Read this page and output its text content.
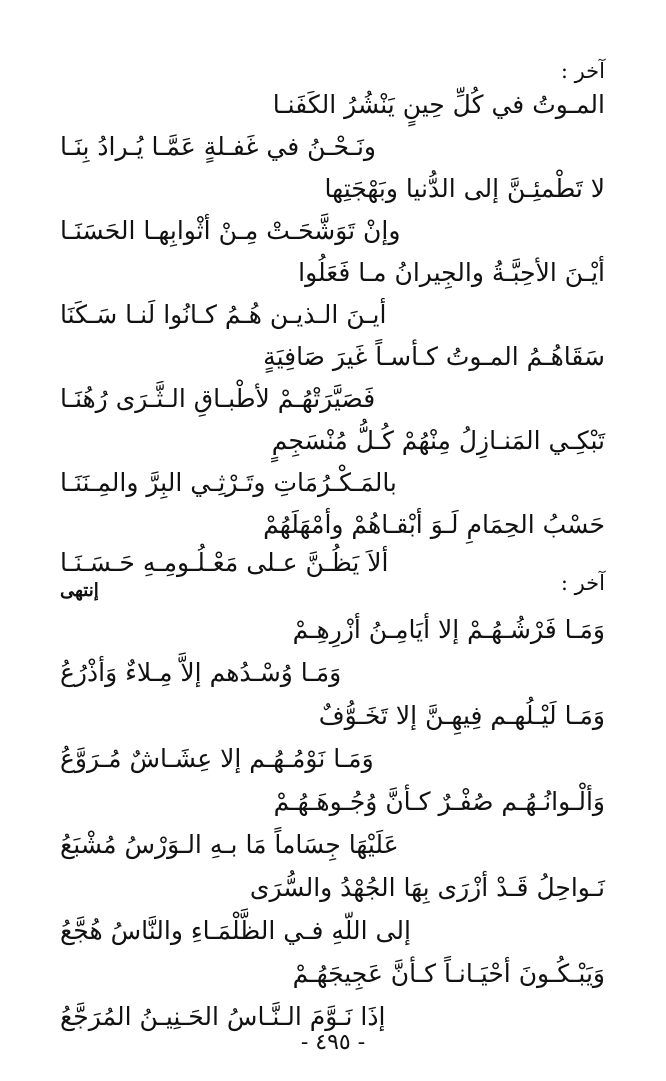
آخر :
المـوتُ في كُلِّ حِينٍ يَنْشُرُ الكَفَنـا
ونَـحْـنُ في غَفـلةٍ عَمَّـا يُـرادُ بِنَـا
لا تَطْمئِـنَّ إلى الدُّنيا وبَهْجَتِها
وإنْ تَوَشَّحَـتْ مِـنْ أثْوابِهـا الحَسَنَـا
أيْـنَ الأحِبَّـةُ والجِيرانُ مـا فَعَلُوا
أيـنَ الـذيـن هُـمُ كـانُوا لَنـا سَـكَنَا
سَقَاهُـمُ المـوتُ كـأسـاً غَيرَ صَافِيَةٍ
فَصَيَّرَتْهُـمْ لأطْبـاقِ الـثَّـرَى رُهُنَـا
تَبْكِـي المَنـازِلُ مِنْهُمْ كُـلُّ مُنْسَجِمٍ
بالمَـكْـرُمَاتِ وتَـرْثِـي البِرَّ والمِـنَنَـا
حَسْبُ الحِمَامِ لَـوَ أبْقـاهُمْ وأمْهَلَهُمْ
ألاَ يَظُـنَّ عـلى مَعْـلُـومِـهِ حَـسَـنَـا
آخر :
إنتهى
وَمَـا فَرْشُـهُـمْ إلا أيَامِـنُ أزْرِهِـمْ
وَمَـا وُسْـدُهم إلاَّ مِـلاءٌ وَأذْرُعُ
وَمَـا لَيْـلُهـم فِيهِـنَّ إلا تَخَـوُّفٌ
وَمَـا نَوْمُـهُـم إلا عِشَـاشٌ مُـرَوَّعُ
وَألْـوانُـهُـم صُفْـرٌ كـأنَّ وُجُـوهَـهُـمْ
عَلَيْهَا جِسَاماً مَا بـهِ الـوَرْسُ مُشْبَعُ
نَـواحِلُ قَـدْ أزْرَى بِهَا الجُهْدُ والسُّرَى
إلى اللّهِ فـي الظَّلْمَـاءِ والنَّاسُ هُجَّعُ
وَيَبْـكُـونَ أحْيَـانـاً كـأنَّ عَجِيجَهُـمْ
إذَا نَـوَّمَ الـنَّـاسُ الحَـنِيـنُ المُرَجَّعُ
- ٤٩٥ -
